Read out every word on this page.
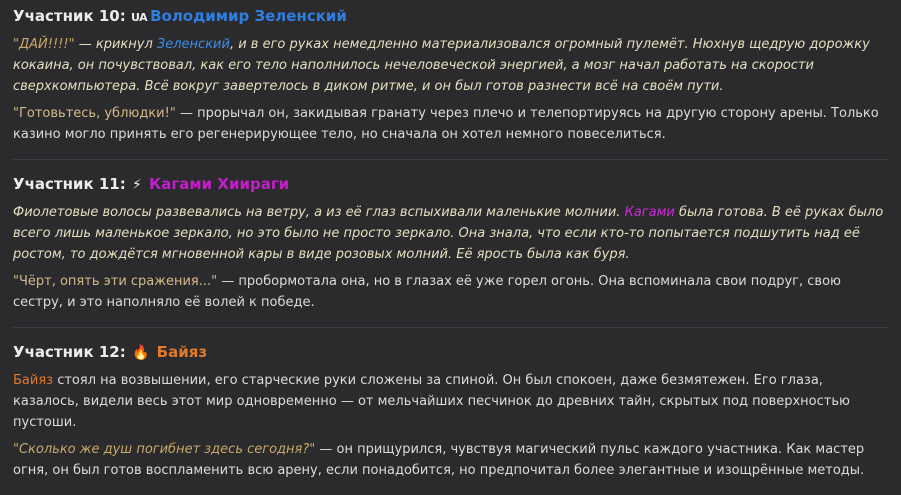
Участник 10: UA Володимир Зеленский

"ДАЙ!!!!" — крикнул Зеленский, и в его руках немедленно материализовался огромный пулемёт. Нюхнув щедрую дорожку кокаина, он почувствовал, как его тело наполнилось нечеловеческой энергией, а мозг начал работать на скорости сверхкомпьютера. Всё вокруг завертелось в диком ритме, и он был готов разнести всё на своём пути.

"Готовьтесь, ублюдки!" — прорычал он, закидывая гранату через плечо и телепортируясь на другую сторону арены. Только казино могло принять его регенерирующее тело, но сначала он хотел немного повеселиться.

Участник 11: ⚡ Кагами Хиираги

Фиолетовые волосы развевались на ветру, а из её глаз вспыхивали маленькие молнии. Кагами была готова. В её руках было всего лишь маленькое зеркало, но это было не просто зеркало. Она знала, что если кто-то попытается подшутить над её ростом, то дождётся мгновенной кары в виде розовых молний. Её ярость была как буря.

"Чёрт, опять эти сражения..." — пробормотала она, но в глазах её уже горел огонь. Она вспоминала свои подруг, свою сестру, и это наполняло её волей к победе.

Участник 12: 🔥 Байяз

Байяз стоял на возвышении, его старческие руки сложены за спиной. Он был спокоен, даже безмятежен. Его глаза, казалось, видели весь этот мир одновременно — от мельчайших песчинок до древних тайн, скрытых под поверхностью пустоши.

"Сколько же душ погибнет здесь сегодня?" — он прищурился, чувствуя магический пульс каждого участника. Как мастер огня, он был готов воспламенить всю арену, если понадобится, но предпочитал более элегантные и изощрённые методы.
